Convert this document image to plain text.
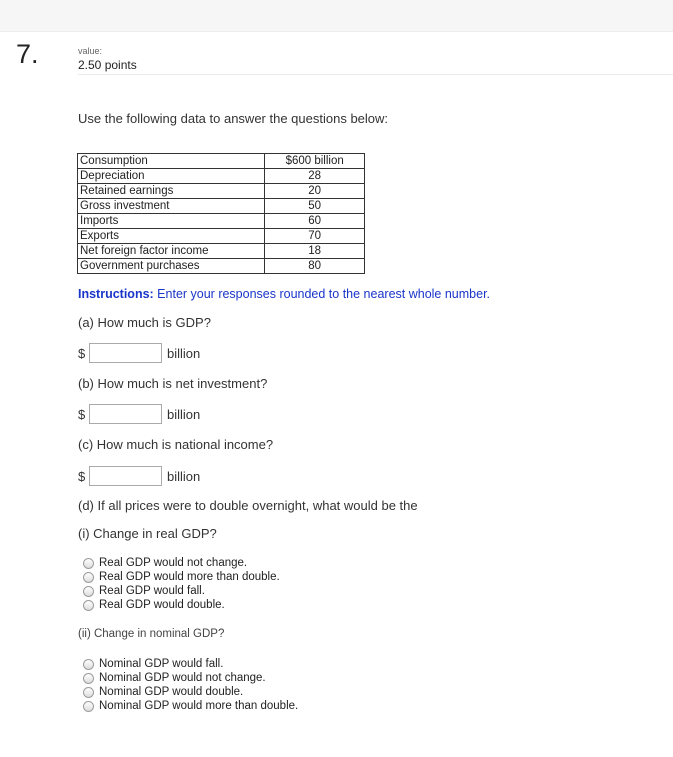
7.	value:
2.50 points
Use the following data to answer the questions below:
Consumption	$600 billion
Depreciation	28
Retained earnings	20
Gross investment	50
Imports	60
Exports	70
Net foreign factor income	18
Government purchases	80
Instructions: Enter your responses rounded to the nearest whole number.
(a) How much is GDP?
$	billion
(b) How much is net investment?
$	billion
(c) How much is national income?
$	billion
(d) If all prices were to double overnight, what would be the
(i) Change in real GDP?
Real GDP would not change.
Real GDP would more than double.
Real GDP would fall.
Real GDP would double.
(ii) Change in nominal GDP?
Nominal GDP would fall.
Nominal GDP would not change.
Nominal GDP would double.
Nominal GDP would more than double.
